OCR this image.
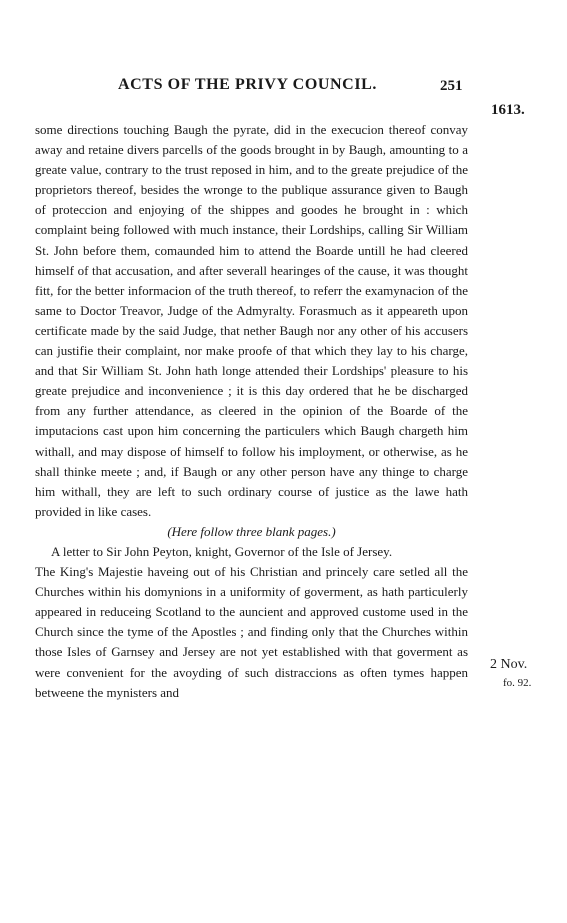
ACTS OF THE PRIVY COUNCIL.	251
1613.

some directions touching Baugh the pyrate, did in the execucion thereof convay away and retaine divers parcells of the goods brought in by Baugh, amounting to a greate value, contrary to the trust reposed in him, and to the greate prejudice of the proprietors thereof, besides the wronge to the publique assurance given to Baugh of proteccion and enjoying of the shippes and goodes he brought in : which complaint being followed with much instance, their Lordships, calling Sir William St. John before them, comaunded him to attend the Boarde untill he had cleered himself of that accusation, and after severall hearinges of the cause, it was thought fitt, for the better informacion of the truth thereof, to referr the examynacion of the same to Doctor Treavor, Judge of the Admyralty. Forasmuch as it appeareth upon certificate made by the said Judge, that nether Baugh nor any other of his accusers can justifie their complaint, nor make proofe of that which they lay to his charge, and that Sir William St. John hath longe attended their Lordships' pleasure to his greate prejudice and inconvenience ; it is this day ordered that he be discharged from any further attendance, as cleered in the opinion of the Boarde of the imputacions cast upon him concerning the particulers which Baugh chargeth him withall, and may dispose of himself to follow his imployment, or otherwise, as he shall thinke meete ; and, if Baugh or any other person have any thinge to charge him withall, they are left to such ordinary course of justice as the lawe hath provided in like cases.

(Here follow three blank pages.)

A letter to Sir John Peyton, knight, Governor of the Isle of Jersey.

The King's Majestie haveing out of his Christian and princely care setled all the Churches within his domynions in a uniformity of goverment, as hath particulerly appeared in reduceing Scotland to the auncient and approved custome used in the Church since the tyme of the Apostles ; and finding only that the Churches within those Isles of Garnsey and Jersey are not yet established with that goverment as were convenient for the avoyding of such distraccions as often tymes happen betweene the mynisters and

2 Nov.
fo. 92.
